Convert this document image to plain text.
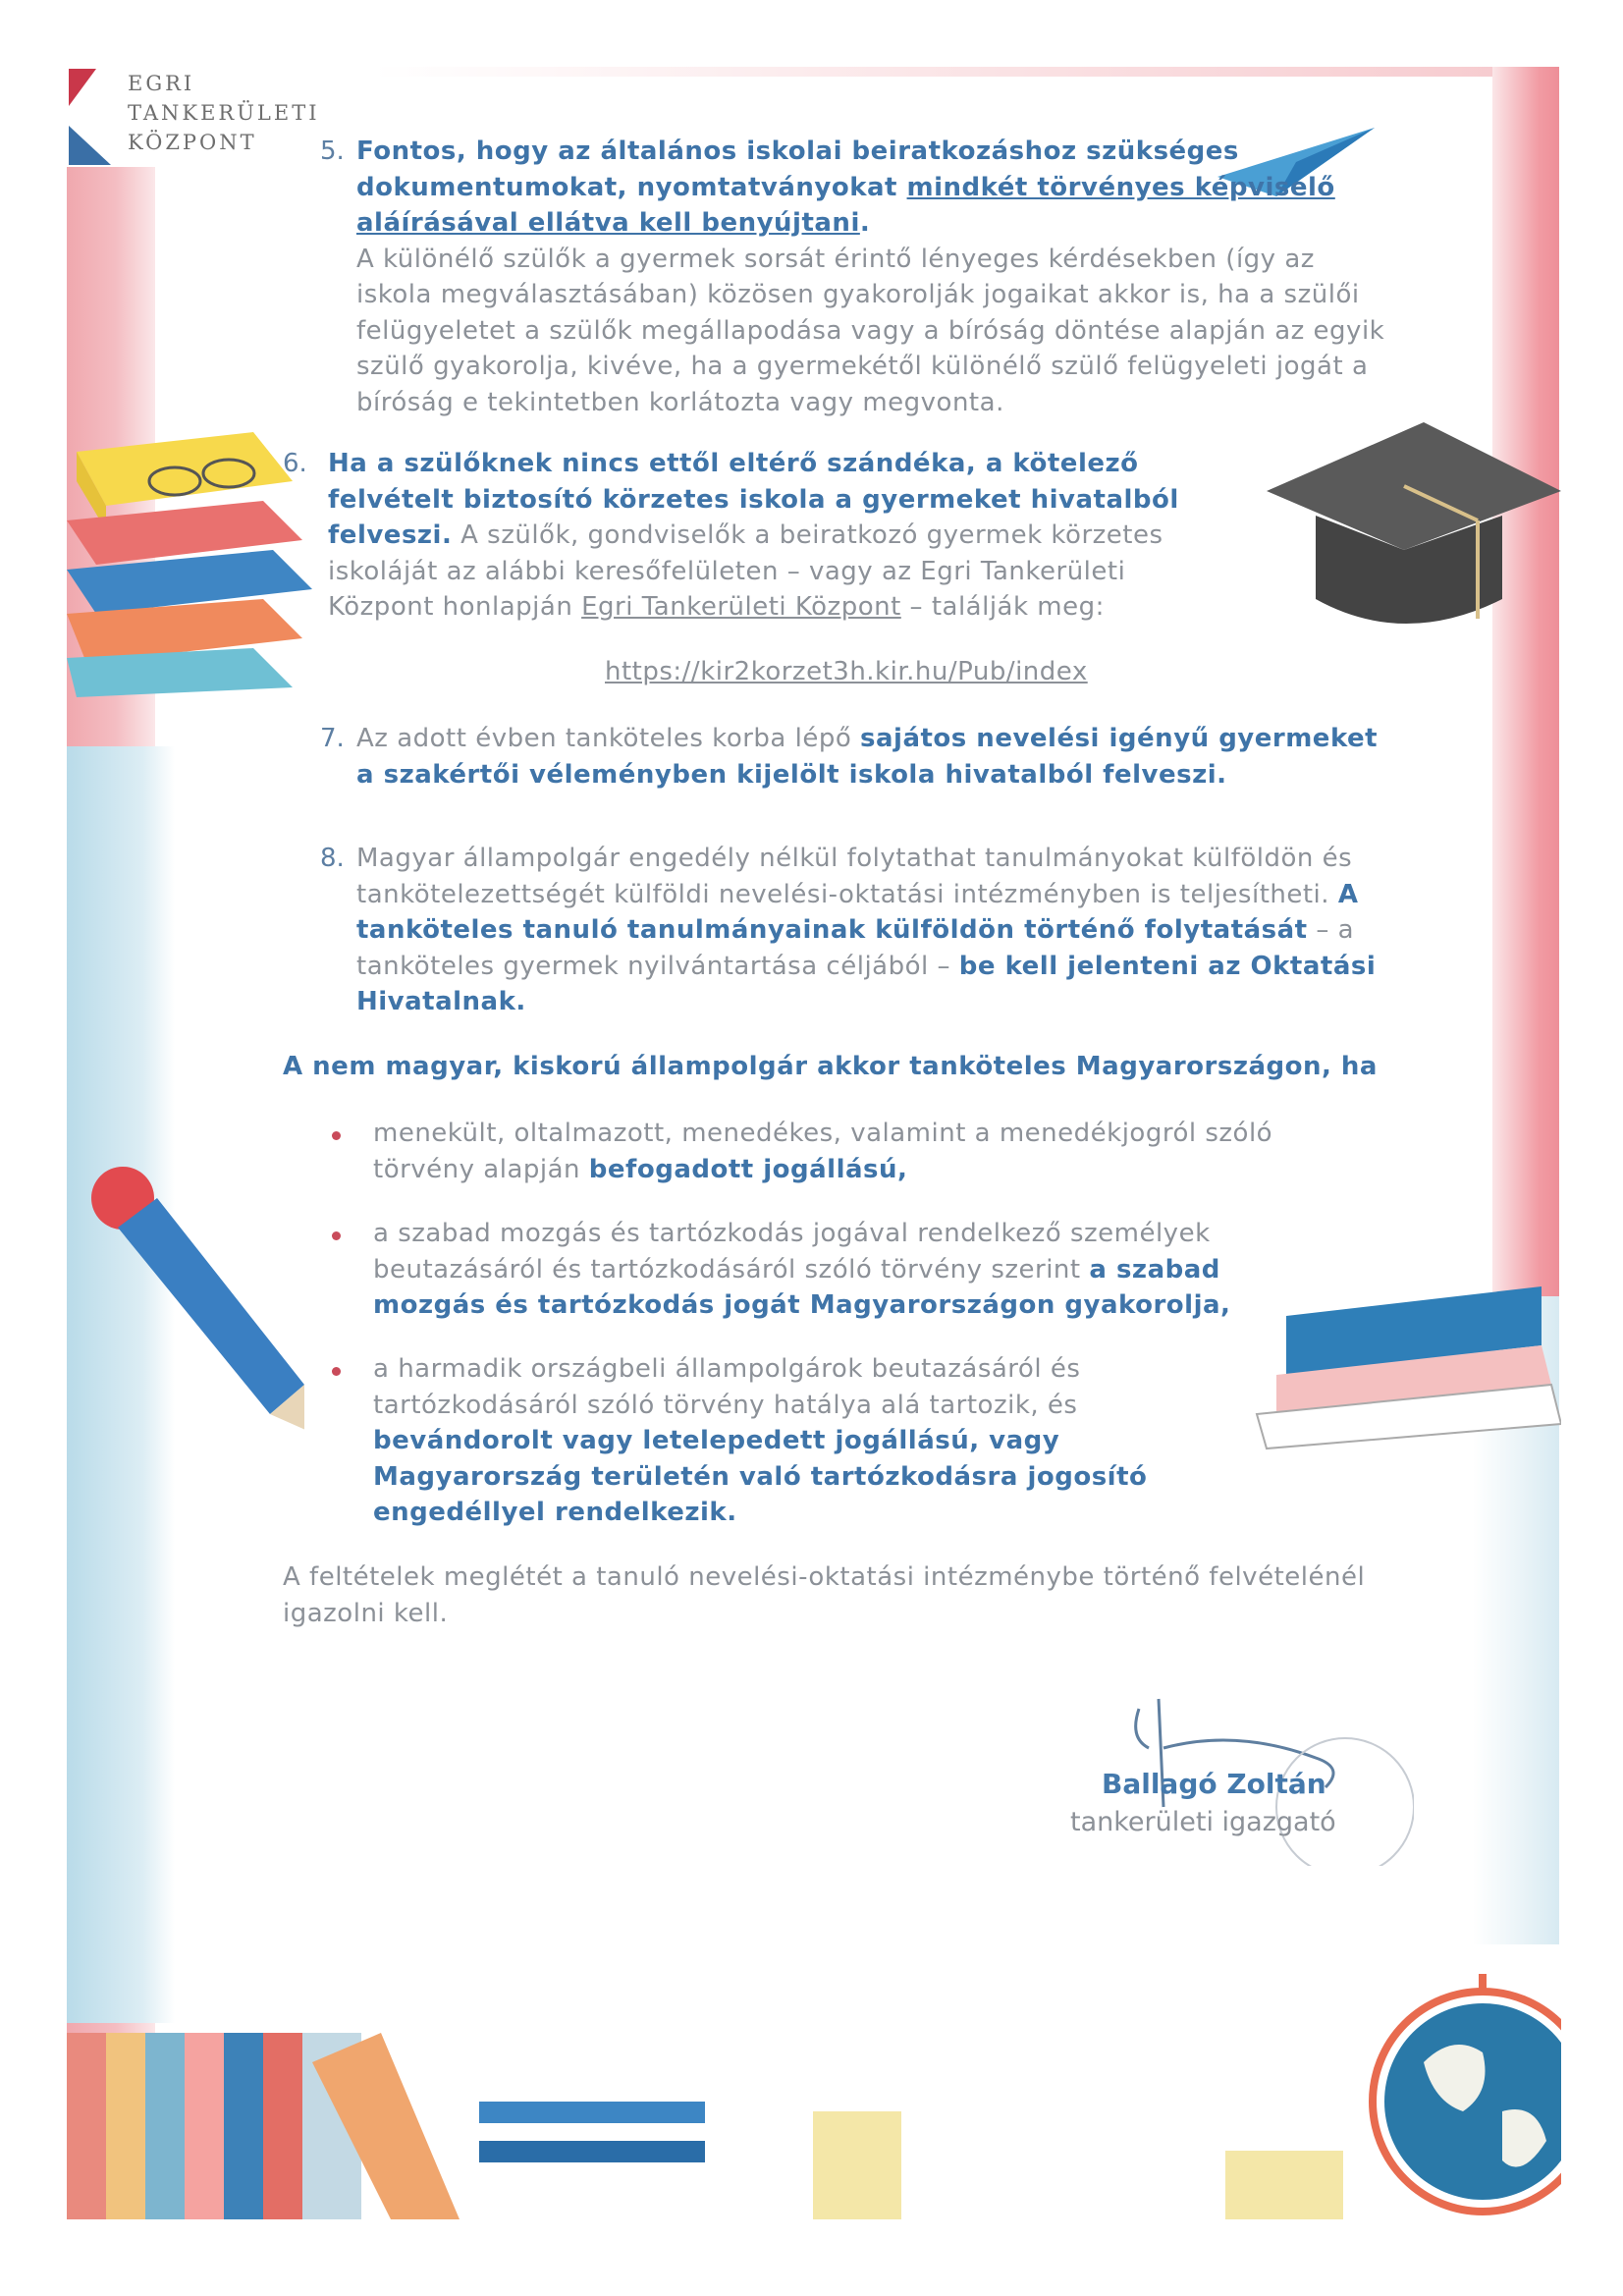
EGRI
TANKERÜLETI
KÖZPONT	5. Fontos, hogy az általános iskolai beiratkozáshoz szükséges dokumentumokat, nyomtatványokat mindkét törvényes képviselő aláírásával ellátva kell benyújtani.
A különélő szülők a gyermek sorsát érintő lényeges kérdésekben (így az iskola megválasztásában) közösen gyakorolják jogaikat akkor is, ha a szülői felügyeletet a szülők megállapodása vagy a bíróság döntése alapján az egyik szülő gyakorolja, kivéve, ha a gyermekétől különélő szülő felügyeleti jogát a bíróság e tekintetben korlátozta vagy megvonta.
6. Ha a szülőknek nincs ettől eltérő szándéka, a kötelező felvételt biztosító körzetes iskola a gyermeket hivatalból felveszi. A szülők, gondviselők a beiratkozó gyermek körzetes iskoláját az alábbi keresőfelületen – vagy az Egri Tankerületi Központ honlapján Egri Tankerületi Központ – találják meg:
https://kir2korzet3h.kir.hu/Pub/index
7. Az adott évben tanköteles korba lépő sajátos nevelési igényű gyermeket a szakértői véleményben kijelölt iskola hivatalból felveszi.
8. Magyar állampolgár engedély nélkül folytathat tanulmányokat külföldön és tankötelezettségét külföldi nevelési-oktatási intézményben is teljesítheti. A tanköteles tanuló tanulmányainak külföldön történő folytatását – a tanköteles gyermek nyilvántartása céljából – be kell jelenteni az Oktatási Hivatalnak.
A nem magyar, kiskorú állampolgár akkor tanköteles Magyarországon, ha
menekült, oltalmazott, menedékes, valamint a menedékjogról szóló törvény alapján befogadott jogállású,
a szabad mozgás és tartózkodás jogával rendelkező személyek beutazásáról és tartózkodásáról szóló törvény szerint a szabad mozgás és tartózkodás jogát Magyarországon gyakorolja,
a harmadik országbeli állampolgárok beutazásáról és tartózkodásáról szóló törvény hatálya alá tartozik, és bevándorolt vagy letelepedett jogállású, vagy Magyarország területén való tartózkodásra jogosító engedéllyel rendelkezik.
A feltételek meglétét a tanuló nevelési-oktatási intézménybe történő felvételénél igazolni kell.
Ballagó Zoltán
tankerületi igazgató
